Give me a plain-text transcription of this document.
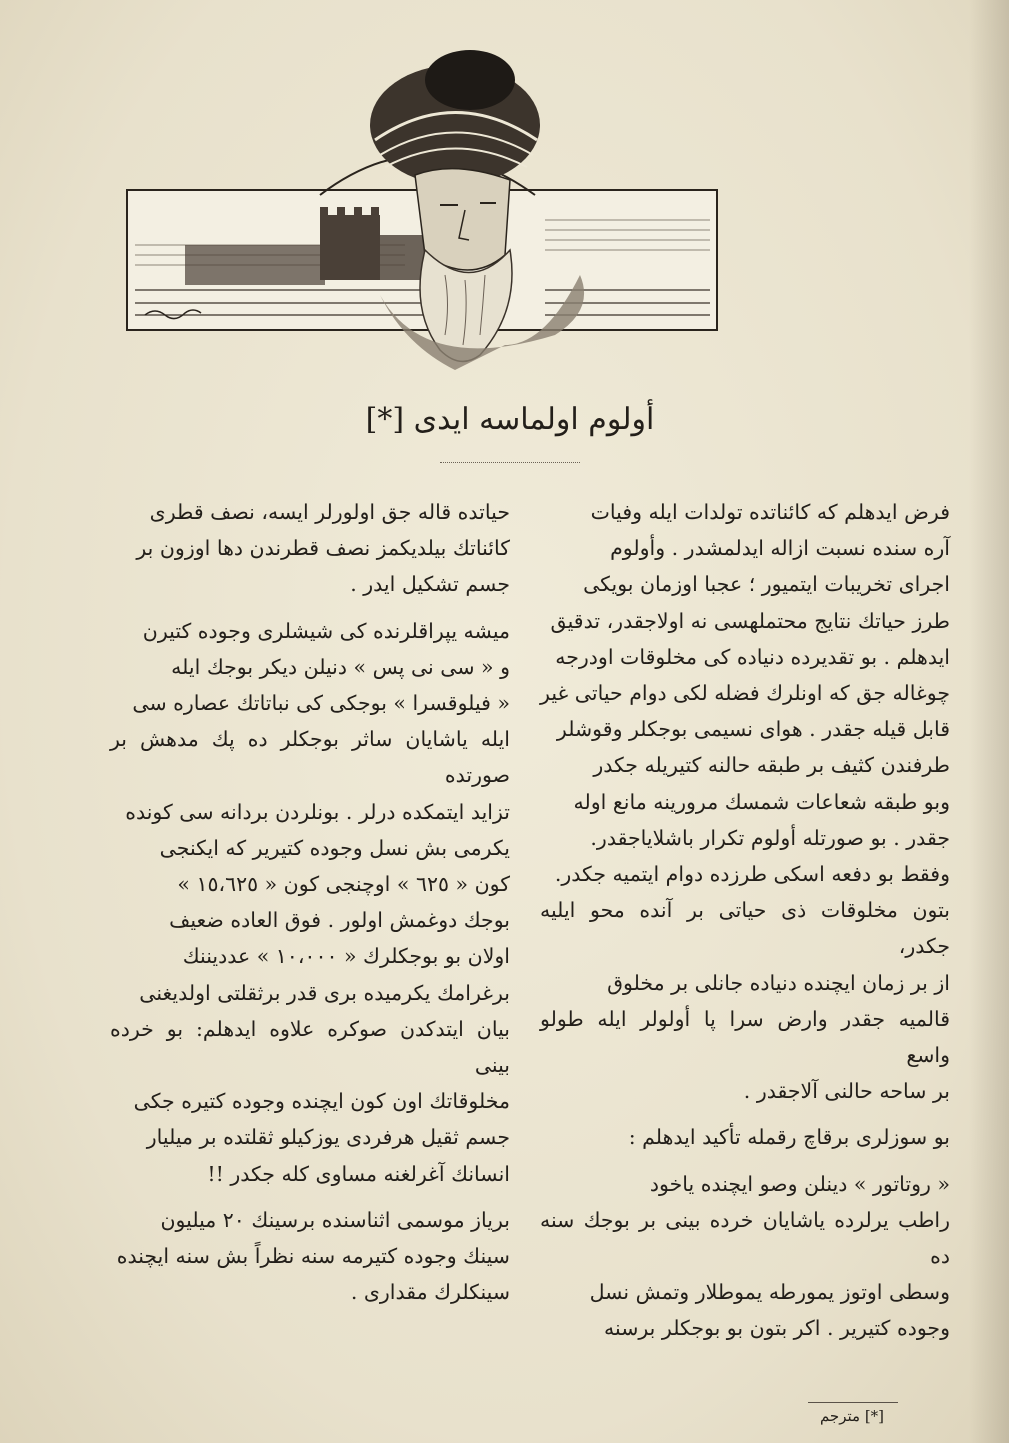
أولوم اولماسه ايدى [*]

فرض ايدهلم كه كائناتده تولدات ايله وفيات

آره سنده نسبت ازاله ايدلمشدر . وأولوم

اجراى تخريبات ايتميور ؛ عجبا اوزمان بويكى

طرز حياتك نتايج محتملهسى نه اولاجقدر، تدقيق

ايدهلم . بو تقديرده دنياده كى مخلوقات اودرجه

چوغاله جق كه اونلرك فضله لكى دوام حياتى غير

قابل قيله جقدر . هواى نسيمى بوجكلر وقوشلر

طرفندن كثيف بر طبقه حالنه كتيريله جكدر

وبو طبقه شعاعات شمسك مرورينه مانع اوله

جقدر . بو صورتله أولوم تكرار باشلاياجقدر.

وفقط بو دفعه اسكى طرزده دوام ايتميه جكدر.

بتون مخلوقات ذى حياتى بر آنده محو ايليه جكدر،

از بر زمان ايچنده دنياده جانلى بر مخلوق

قالميه جقدر وارض سرا پا أولولر ايله طولو واسع

بر ساحه حالنى آلاجقدر .

بو سوزلرى برقاچ رقمله تأكيد ايدهلم :

« روتاتور » دينلن وصو ايچنده ياخود

راطب يرلرده ياشايان خرده بينى بر بوجك سنه ده

وسطى اوتوز يمورطه يموطلار وتمش نسل

وجوده كتيرير . اكر بتون بو بوجكلر برسنه

حياتده قاله جق اولورلر ايسه، نصف قطرى

كائناتك بيلديكمز نصف قطرندن دها اوزون بر

جسم تشكيل ايدر .

ميشه يپراقلرنده كى شيشلرى وجوده كتيرن

و « سى نى پس » دنيلن ديكر بوجك ايله

« فيلوقسرا » بوجكى كى نباتاتك عصاره سى

ايله ياشايان ساثر بوجكلر ده پك مدهش بر صورتده

تزايد ايتمكده درلر . بونلردن بردانه سى كونده

يكرمى بش نسل وجوده كتيرير كه ايكنجى

كون « ٦٢٥ » اوچنجى كون « ١٥،٦٢٥ »

بوجك دوغمش اولور . فوق العاده ضعيف

اولان بو بوجكلرك « ١٠،٠٠٠ » عدديننك

برغرامك يكرميده برى قدر برثقلتى اولديغنى

بيان ايتدكدن صوكره علاوه ايدهلم: بو خرده بينى

مخلوقاتك اون كون ايچنده وجوده كتيره جكى

جسم ثقيل هرفردى يوزكيلو ثقلتده بر ميليار

انسانك آغرلغنه مساوى كله جكدر !!

برياز موسمى اثناسنده برسينك ٢٠ ميليون

سينك وجوده كتيرمه سنه نظراً بش سنه ايچنده

سينكلرك مقدارى .

[*] مترجم
